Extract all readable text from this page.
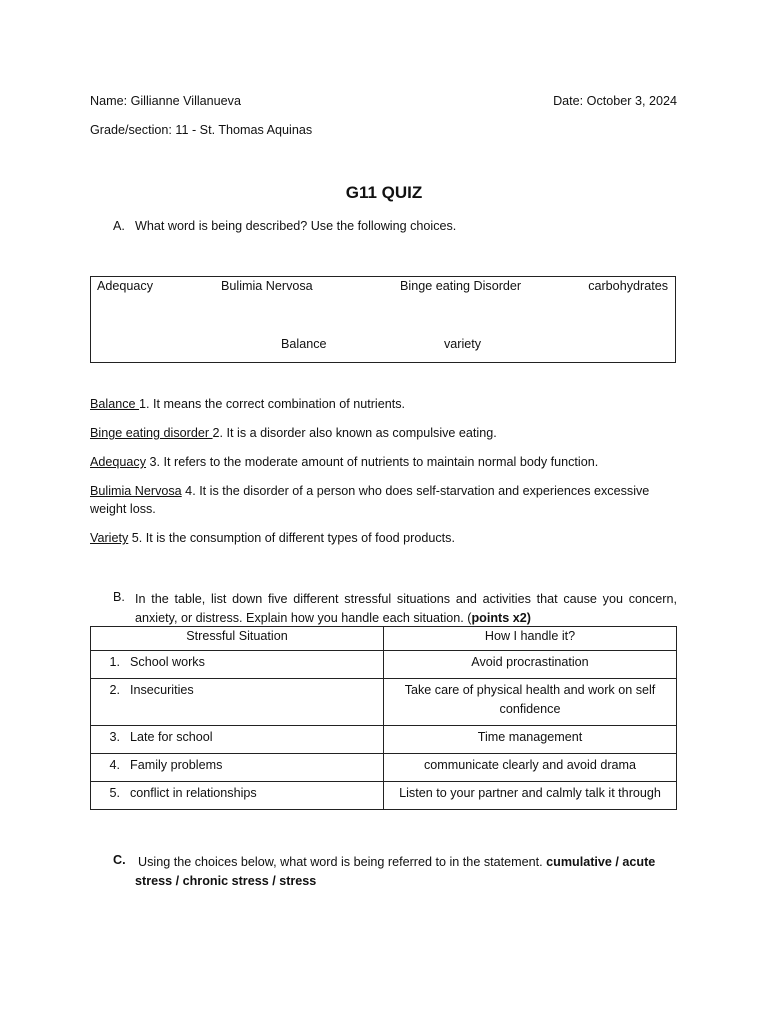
Name: Gillianne Villanueva	Date: October 3, 2024
Grade/section: 11 - St. Thomas Aquinas
G11 QUIZ
A. What word is being described? Use the following choices.
Adequacy	Bulimia Nervosa	Binge eating Disorder	carbohydrates
Balance	variety
Balance 1. It means the correct combination of nutrients.
Binge eating disorder 2. It is a disorder also known as compulsive eating.
Adequacy 3. It refers to the moderate amount of nutrients to maintain normal body function.
Bulimia Nervosa 4. It is the disorder of a person who does self-starvation and experiences excessive weight loss.
Variety 5. It is the consumption of different types of food products.
B. In the table, list down five different stressful situations and activities that cause you concern, anxiety, or distress. Explain how you handle each situation. (points x2)
Stressful Situation	How I handle it?
1. School works	Avoid procrastination
2. Insecurities	Take care of physical health and work on self confidence
3. Late for school	Time management
4. Family problems	communicate clearly and avoid drama
5. conflict in relationships	Listen to your partner and calmly talk it through
C. Using the choices below, what word is being referred to in the statement. cumulative / acute stress / chronic stress / stress
